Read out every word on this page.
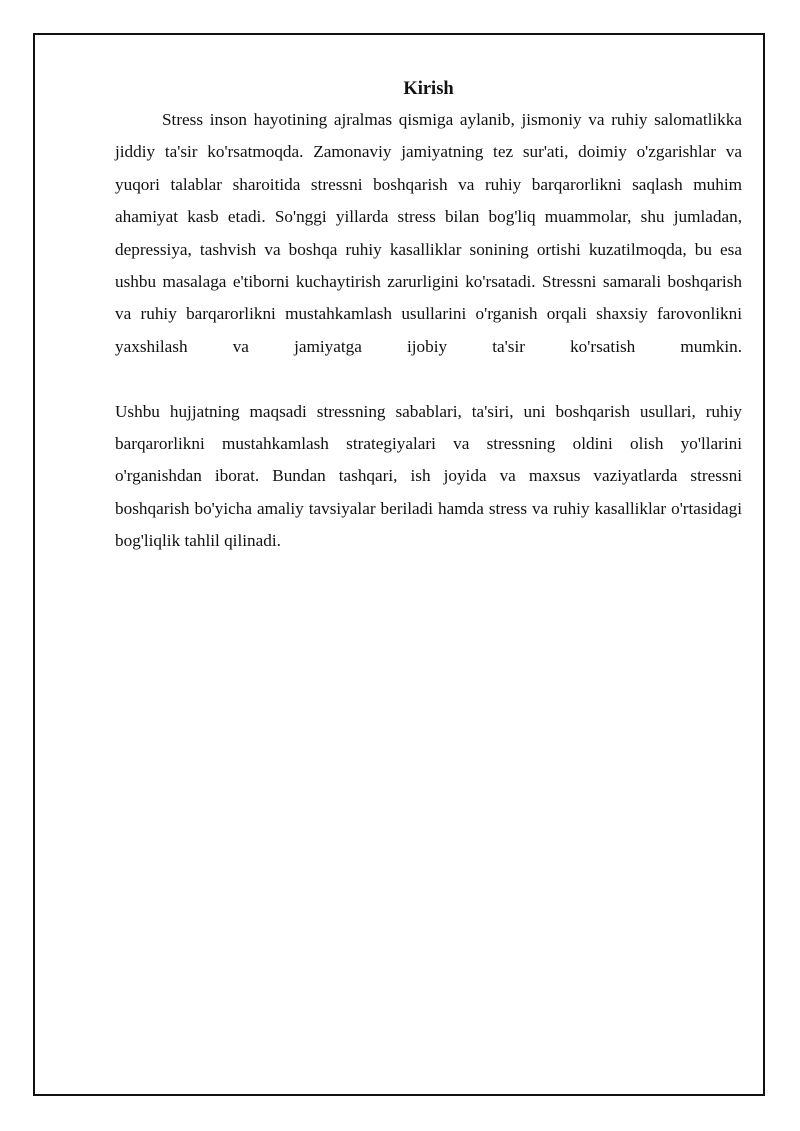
Kirish

Stress inson hayotining ajralmas qismiga aylanib, jismoniy va ruhiy salomatlikka jiddiy ta'sir ko'rsatmoqda. Zamonaviy jamiyatning tez sur'ati, doimiy o'zgarishlar va yuqori talablar sharoitida stressni boshqarish va ruhiy barqarorlikni saqlash muhim ahamiyat kasb etadi. So'nggi yillarda stress bilan bog'liq muammolar, shu jumladan, depressiya, tashvish va boshqa ruhiy kasalliklar sonining ortishi kuzatilmoqda, bu esa ushbu masalaga e'tiborni kuchaytirish zarurligini ko'rsatadi. Stressni samarali boshqarish va ruhiy barqarorlikni mustahkamlash usullarini o'rganish orqali shaxsiy farovonlikni yaxshilash va jamiyatga ijobiy ta'sir ko'rsatish mumkin.

Ushbu hujjatning maqsadi stressning sabablari, ta'siri, uni boshqarish usullari, ruhiy barqarorlikni mustahkamlash strategiyalari va stressning oldini olish yo'llarini o'rganishdan iborat. Bundan tashqari, ish joyida va maxsus vaziyatlarda stressni boshqarish bo'yicha amaliy tavsiyalar beriladi hamda stress va ruhiy kasalliklar o'rtasidagi bog'liqlik tahlil qilinadi.
